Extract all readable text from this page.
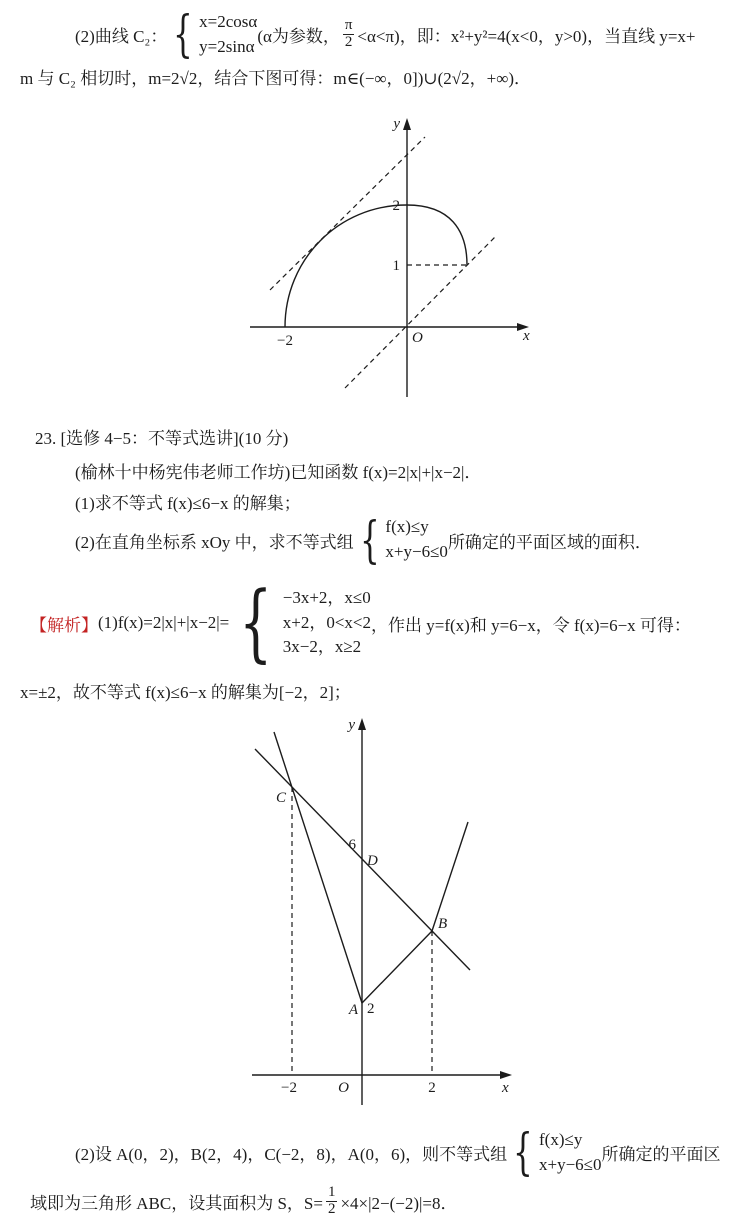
(2)曲线 C₂： { x=2cosα
y=2sinα (α为参数， $\frac{\pi}{2} <\alpha<\pi$)，即：x²+y²=4(x<0，y>0)，当直线 y=x+
m 与 C₂ 相切时，m=2√2，结合下图可得：m∈(−∞，0])∪(2√2，+∞)．
y
x
O
2
1
−2
23. [选修 4−5：不等式选讲](10 分)
(榆林十中杨宪伟老师工作坊)已知函数 f(x)=2|x|+|x−2|．
(1)求不等式 f(x)≤6−x 的解集；
(2)在直角坐标系 xOy 中，求不等式组 { f(x)≤y
x+y−6≤0 所确定的平面区域的面积．
【解析】 (1)f(x)=2|x|+|x−2|= { −3x+2，x≤0
x+2，0<x<2
3x−2，x≥2
，作出 y=f(x)和 y=6−x，令 f(x)=6−x 可得：
x=±2，故不等式 f(x)≤6−x 的解集为[−2，2]；
y
x
O
A 2
B
C
D
6
−2	2
(2)设 A(0，2)，B(2，4)，C(−2，8)，A(0，6)，则不等式组 { f(x)≤y
x+y−6≤0 所确定的平面区
域即为三角形 ABC，设其面积为 S，$S= \frac{1}{2} \times 4\times|2-(-2)|=8$．
